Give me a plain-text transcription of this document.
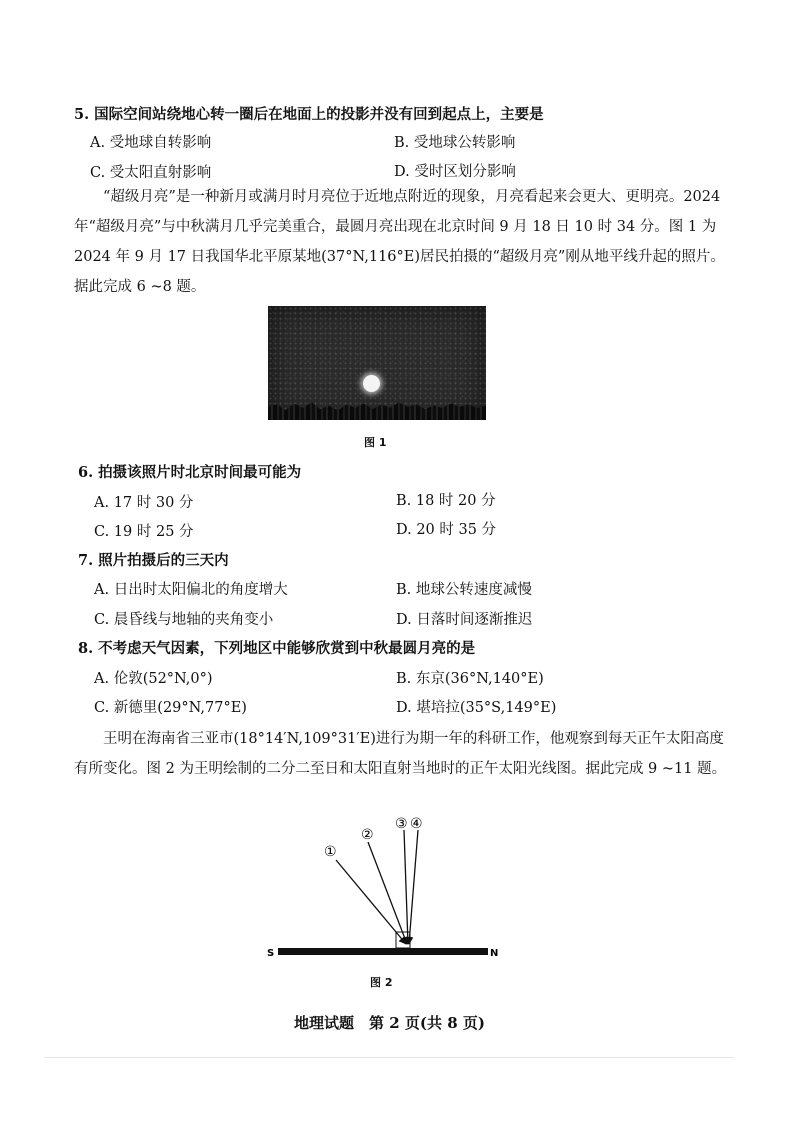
5. 国际空间站绕地心转一圈后在地面上的投影并没有回到起点上，主要是
A. 受地球自转影响	B. 受地球公转影响
C. 受太阳直射影响	D. 受时区划分影响
“超级月亮”是一种新月或满月时月亮位于近地点附近的现象，月亮看起来会更大、更明亮。2024 年“超级月亮”与中秋满月几乎完美重合，最圆月亮出现在北京时间 9 月 18 日 10 时 34 分。图 1 为 2024 年 9 月 17 日我国华北平原某地(37°N,116°E)居民拍摄的“超级月亮”刚从地平线升起的照片。据此完成 6 ~8 题。
图 1
6. 拍摄该照片时北京时间最可能为
A. 17 时 30 分	B. 18 时 20 分
C. 19 时 25 分	D. 20 时 35 分
7. 照片拍摄后的三天内
A. 日出时太阳偏北的角度增大	B. 地球公转速度减慢
C. 晨昏线与地轴的夹角变小	D. 日落时间逐渐推迟
8. 不考虑天气因素，下列地区中能够欣赏到中秋最圆月亮的是
A. 伦敦(52°N,0°)	B. 东京(36°N,140°E)
C. 新德里(29°N,77°E)	D. 堪培拉(35°S,149°E)
王明在海南省三亚市(18°14′N,109°31′E)进行为期一年的科研工作，他观察到每天正午太阳高度有所变化。图 2 为王明绘制的二分二至日和太阳直射当地时的正午太阳光线图。据此完成 9 ~11 题。
①
②
③ ④
S	N
图 2
地理试题　第 2 页(共 8 页)
